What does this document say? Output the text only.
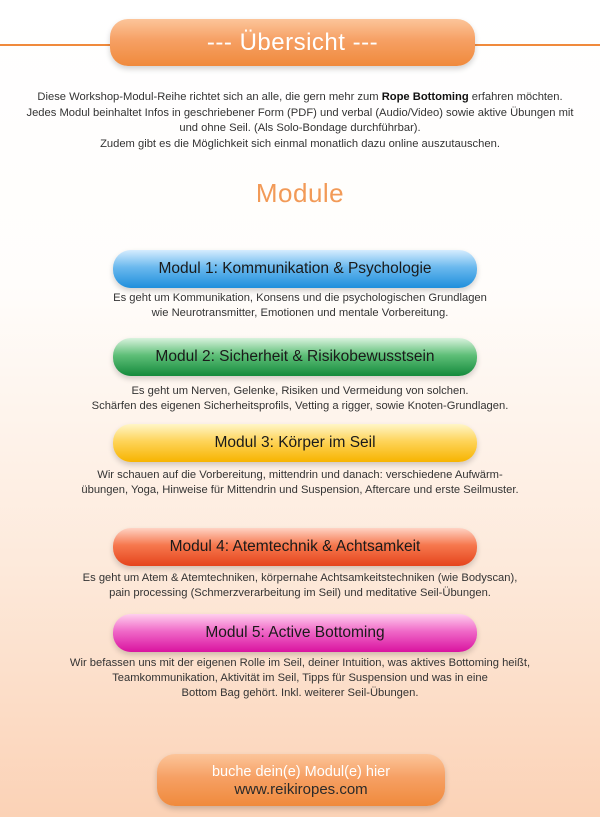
--- Übersicht ---
Diese Workshop-Modul-Reihe richtet sich an alle, die gern mehr zum Rope Bottoming erfahren möchten. Jedes Modul beinhaltet Infos in geschriebener Form (PDF) und verbal (Audio/Video) sowie aktive Übungen mit und ohne Seil. (Als Solo-Bondage durchführbar).
Zudem gibt es die Möglichkeit sich einmal monatlich dazu online auszutauschen.
Module
Modul 1: Kommunikation & Psychologie
Es geht um Kommunikation, Konsens und die psychologischen Grundlagen
wie Neurotransmitter, Emotionen und mentale Vorbereitung.
Modul 2: Sicherheit & Risikobewusstsein
Es geht um Nerven, Gelenke, Risiken und Vermeidung von solchen.
Schärfen des eigenen Sicherheitsprofils, Vetting a rigger, sowie Knoten-Grundlagen.
Modul 3: Körper im Seil
Wir schauen auf die Vorbereitung, mittendrin und danach: verschiedene Aufwärm-
übungen, Yoga, Hinweise für Mittendrin und Suspension, Aftercare und erste Seilmuster.
Modul 4: Atemtechnik & Achtsamkeit
Es geht um Atem & Atemtechniken, körpernahe Achtsamkeitstechniken (wie Bodyscan),
pain processing (Schmerzverarbeitung im Seil) und meditative Seil-Übungen.
Modul 5: Active Bottoming
Wir befassen uns mit der eigenen Rolle im Seil, deiner Intuition, was aktives Bottoming heißt,
Teamkommunikation, Aktivität im Seil, Tipps für Suspension und was in eine
Bottom Bag gehört. Inkl. weiterer Seil-Übungen.
buche dein(e) Modul(e) hier
www.reikiropes.com
